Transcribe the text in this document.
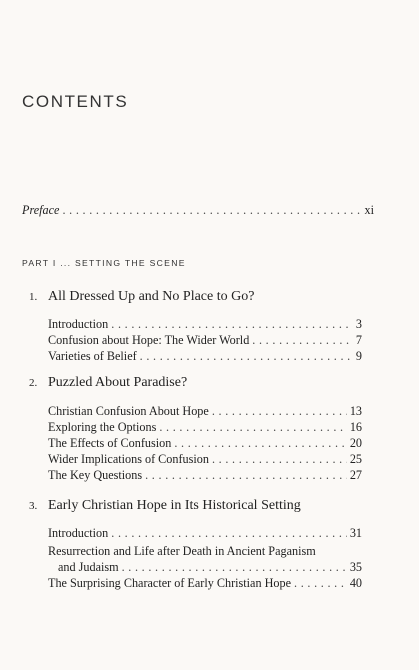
CONTENTS
Preface . . .	xi
PART I ... SETTING THE SCENE
1. All Dressed Up and No Place to Go?
Introduction . . .	3
Confusion about Hope: The Wider World . . .	7
Varieties of Belief . . .	9
2. Puzzled About Paradise?
Christian Confusion About Hope . . .	13
Exploring the Options . . .	16
The Effects of Confusion . . .	20
Wider Implications of Confusion . . .	25
The Key Questions . . .	27
3. Early Christian Hope in Its Historical Setting
Introduction . . .	31
Resurrection and Life after Death in Ancient Paganism
and Judaism . . .	35
The Surprising Character of Early Christian Hope . . .	40
